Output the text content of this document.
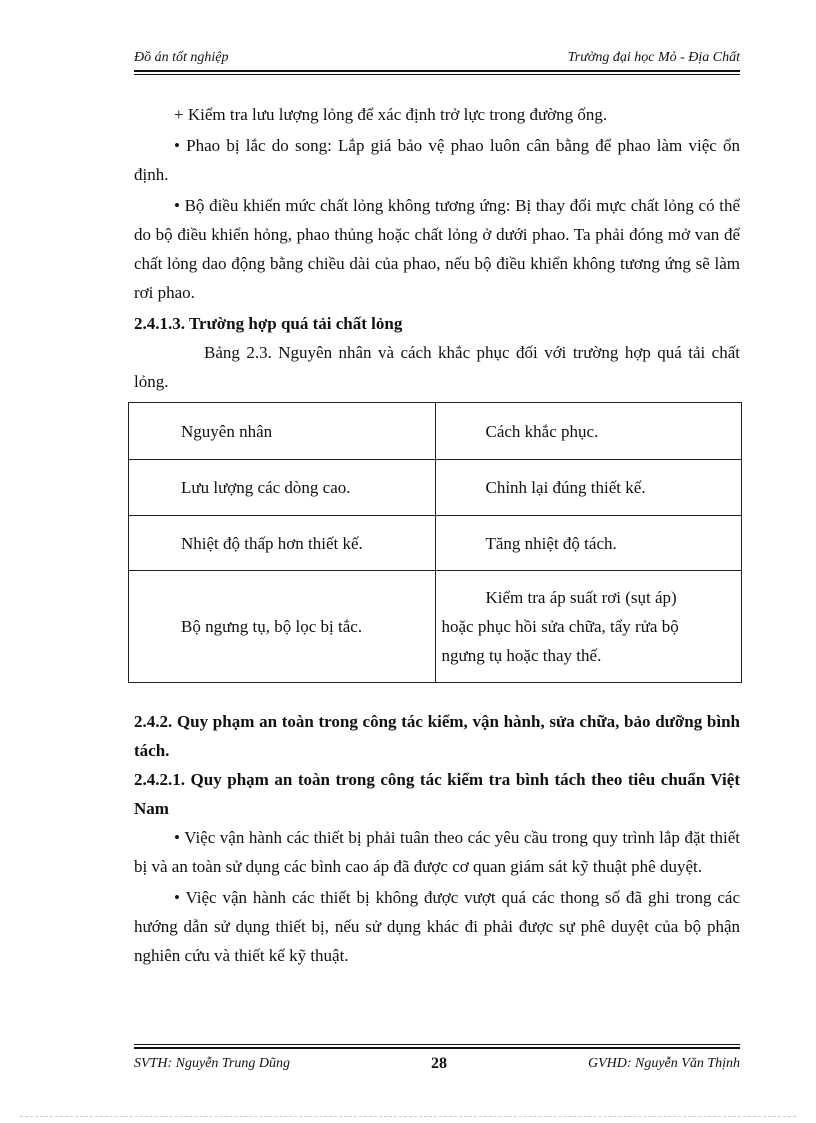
Đồ án tốt nghiệp	Trường đại học Mỏ - Địa Chất

+ Kiểm tra lưu lượng lỏng để xác định trở lực trong đường ống.

• Phao bị lắc do song: Lắp giá bảo vệ phao luôn cân bằng để phao làm việc ổn định.

• Bộ điều khiển mức chất lỏng không tương ứng: Bị thay đổi mực chất lỏng có thể do bộ điều khiển hỏng, phao thủng hoặc chất lỏng ở dưới phao. Ta phải đóng mở van để chất lỏng dao động bằng chiều dài của phao, nếu bộ điều khiển không tương ứng sẽ làm rơi phao.

2.4.1.3. Trường hợp quá tải chất lỏng

Bảng 2.3. Nguyên nhân và cách khắc phục đối với trường hợp quá tải chất lỏng.

Nguyên nhân	Cách khắc phục.

Lưu lượng các dòng cao.	Chỉnh lại đúng thiết kế.

Nhiệt độ thấp hơn thiết kế.	Tăng nhiệt độ tách.

Bộ ngưng tụ, bộ lọc bị tắc.	Kiểm tra áp suất rơi (sụt áp)
hoặc phục hồi sửa chữa, tẩy rửa bộ
ngưng tụ hoặc thay thế.

2.4.2. Quy phạm an toàn trong công tác kiểm, vận hành, sửa chữa, bảo dưỡng bình tách.

2.4.2.1. Quy phạm an toàn trong công tác kiểm tra bình tách theo tiêu chuẩn Việt Nam

• Việc vận hành các thiết bị phải tuân theo các yêu cầu trong quy trình lắp đặt thiết bị và an toàn sử dụng các bình cao áp đã được cơ quan giám sát kỹ thuật phê duyệt.

• Việc vận hành các thiết bị không được vượt quá các thong số đã ghi trong các hướng dẫn sử dụng thiết bị, nếu sử dụng khác đi phải được sự phê duyệt của bộ phận nghiên cứu và thiết kế kỹ thuật.

SVTH: Nguyễn Trung Dũng	28	GVHD: Nguyễn Văn Thịnh
